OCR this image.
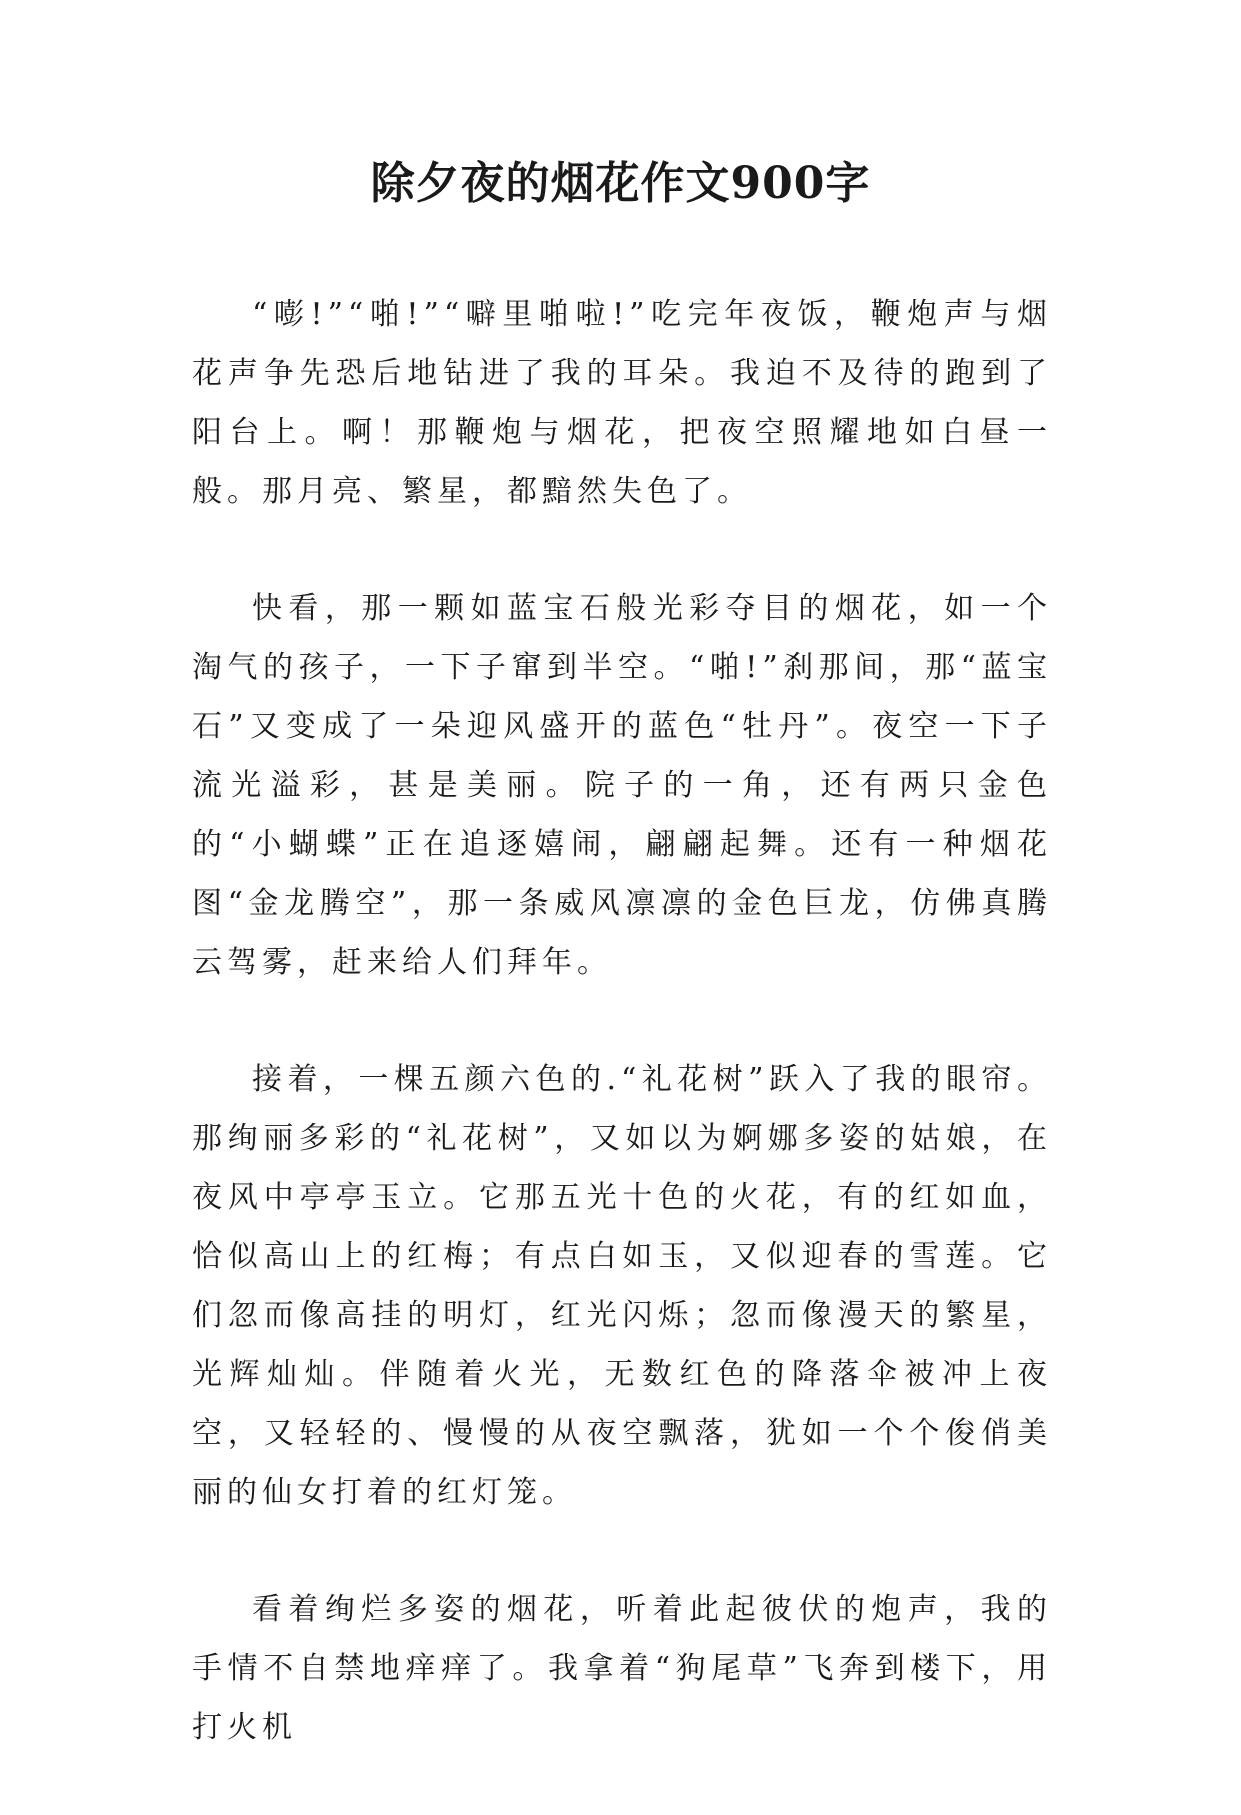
除夕夜的烟花作文900字

“嘭!”“啪!”“噼里啪啦!”吃完年夜饭，鞭炮声与烟花声争先恐后地钻进了我的耳朵。我迫不及待的跑到了阳台上。啊！那鞭炮与烟花，把夜空照耀地如白昼一般。那月亮、繁星，都黯然失色了。

快看，那一颗如蓝宝石般光彩夺目的烟花，如一个淘气的孩子，一下子窜到半空。“啪!”刹那间，那“蓝宝石”又变成了一朵迎风盛开的蓝色“牡丹”。夜空一下子流光溢彩，甚是美丽。院子的一角，还有两只金色的“小蝴蝶”正在追逐嬉闹，翩翩起舞。还有一种烟花图“金龙腾空”，那一条威风凛凛的金色巨龙，仿佛真腾云驾雾，赶来给人们拜年。

接着，一棵五颜六色的.“礼花树”跃入了我的眼帘。那绚丽多彩的“礼花树”，又如以为婀娜多姿的姑娘，在夜风中亭亭玉立。它那五光十色的火花，有的红如血，恰似高山上的红梅；有点白如玉，又似迎春的雪莲。它们忽而像高挂的明灯，红光闪烁；忽而像漫天的繁星，光辉灿灿。伴随着火光，无数红色的降落伞被冲上夜空，又轻轻的、慢慢的从夜空飘落，犹如一个个俊俏美丽的仙女打着的红灯笼。

看着绚烂多姿的烟花，听着此起彼伏的炮声，我的手情不自禁地痒痒了。我拿着“狗尾草”飞奔到楼下，用打火机
